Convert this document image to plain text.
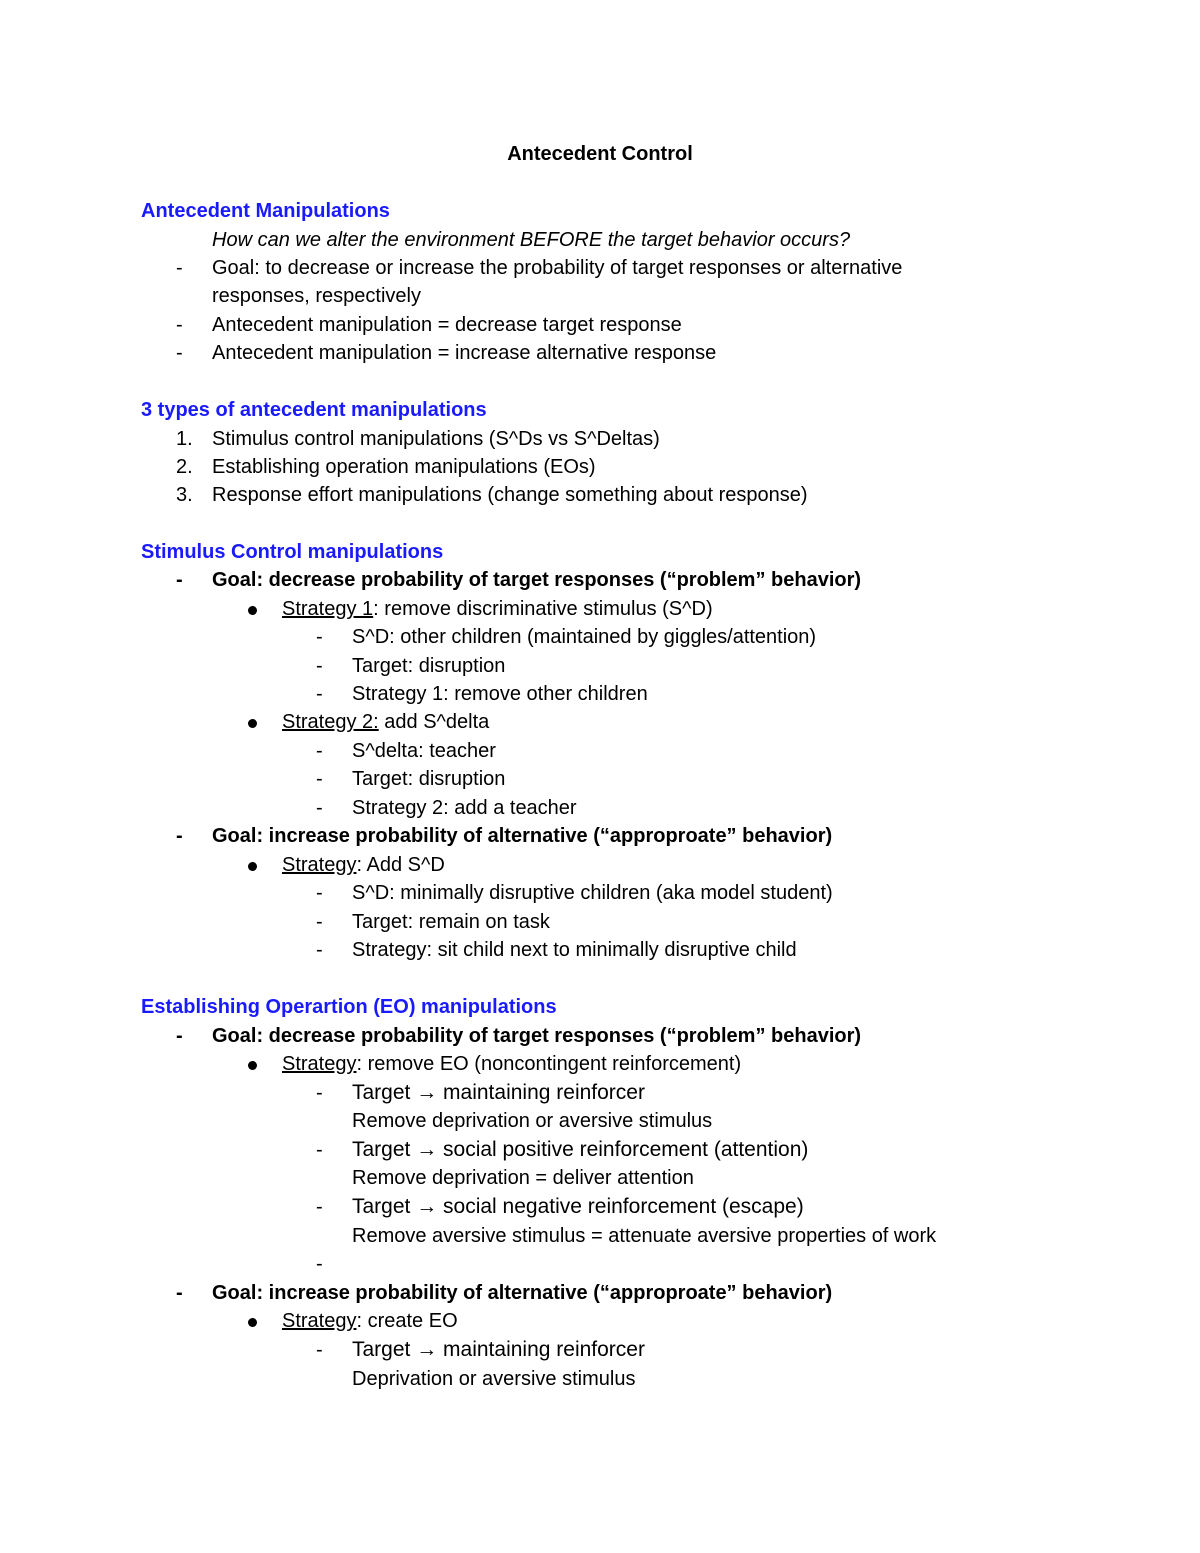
Antecedent Control
Antecedent Manipulations
How can we alter the environment BEFORE the target behavior occurs?
- Goal: to decrease or increase the probability of target responses or alternative
responses, respectively
- Antecedent manipulation = decrease target response
- Antecedent manipulation = increase alternative response
3 types of antecedent manipulations
1. Stimulus control manipulations (S^Ds vs S^Deltas)
2. Establishing operation manipulations (EOs)
3. Response effort manipulations (change something about response)
Stimulus Control manipulations
- Goal: decrease probability of target responses (“problem” behavior)
Strategy 1: remove discriminative stimulus (S^D)
- S^D: other children (maintained by giggles/attention)
- Target: disruption
- Strategy 1: remove other children
Strategy 2: add S^delta
- S^delta: teacher
- Target: disruption
- Strategy 2: add a teacher
- Goal: increase probability of alternative (“approproate” behavior)
Strategy: Add S^D
- S^D: minimally disruptive children (aka model student)
- Target: remain on task
- Strategy: sit child next to minimally disruptive child
Establishing Operartion (EO) manipulations
- Goal: decrease probability of target responses (“problem” behavior)
Strategy: remove EO (noncontingent reinforcement)
- Target → maintaining reinforcer
Remove deprivation or aversive stimulus
- Target → social positive reinforcement (attention)
Remove deprivation = deliver attention
- Target → social negative reinforcement (escape)
Remove aversive stimulus = attenuate aversive properties of work
-
- Goal: increase probability of alternative (“approproate” behavior)
Strategy: create EO
- Target → maintaining reinforcer
Deprivation or aversive stimulus
